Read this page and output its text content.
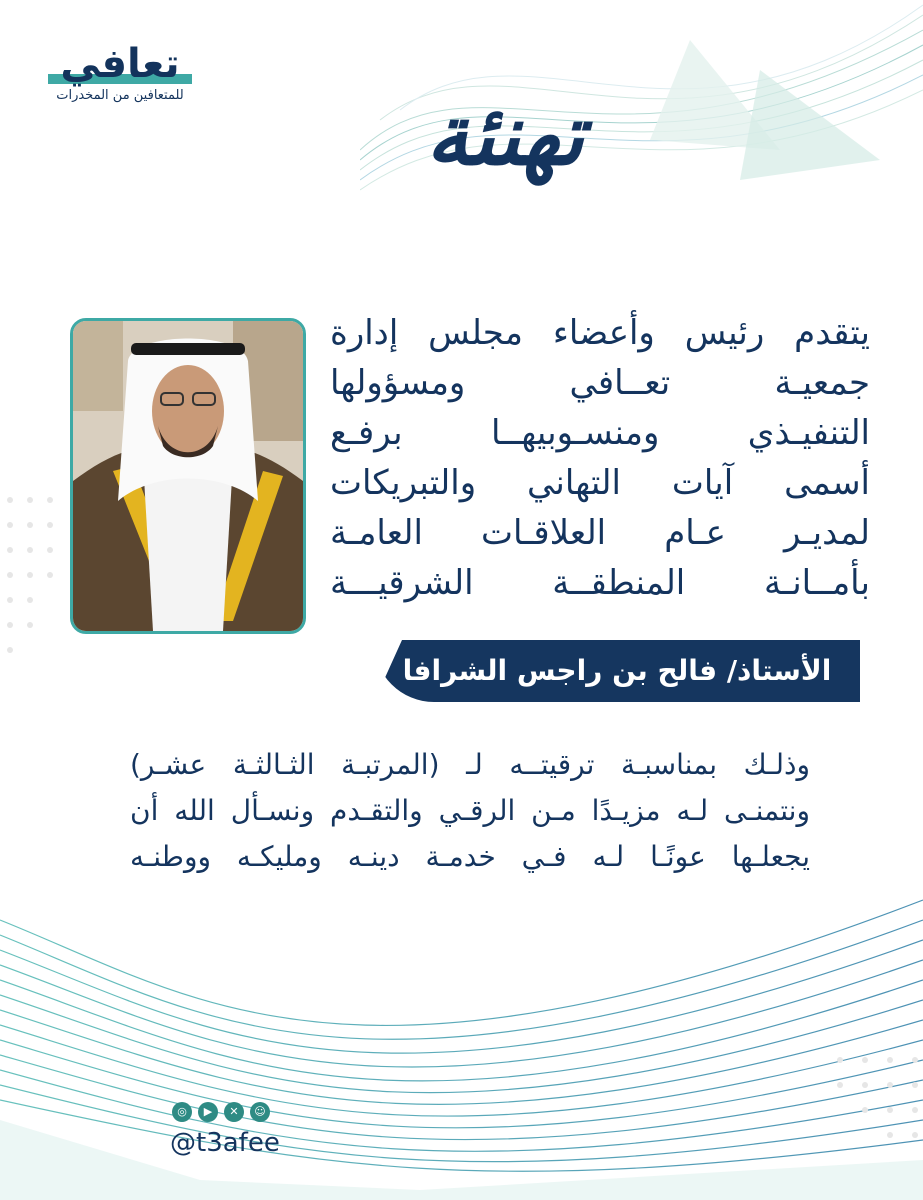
تعافي
للمتعافين من المخدرات	تهنئة

يتقدم رئيس وأعضاء مجلس إدارة

جمعيـة تعــافي ومسؤولها

التنفيـذي ومنسـوبيهــا برفـع

أسمى آيات التهاني والتبريكات

لمديـر عـام العلاقـات العامـة

بأمــانـة المنطقــة الشرقيـــة

الأستاذ/ فالح بن راجس الشرافا

وذلـك بمناسبـة ترقيتــه لـ (المرتبـة الثـالثـة عشـر)

ونتمنـى لـه مزيـدًا مـن الرقـي والتقـدم ونسـأل الله أن

يجعلـها عونًـا لـه فـي خدمـة دينـه ومليكـه ووطنـه

◎	▶	✕	☺
@t3afee
